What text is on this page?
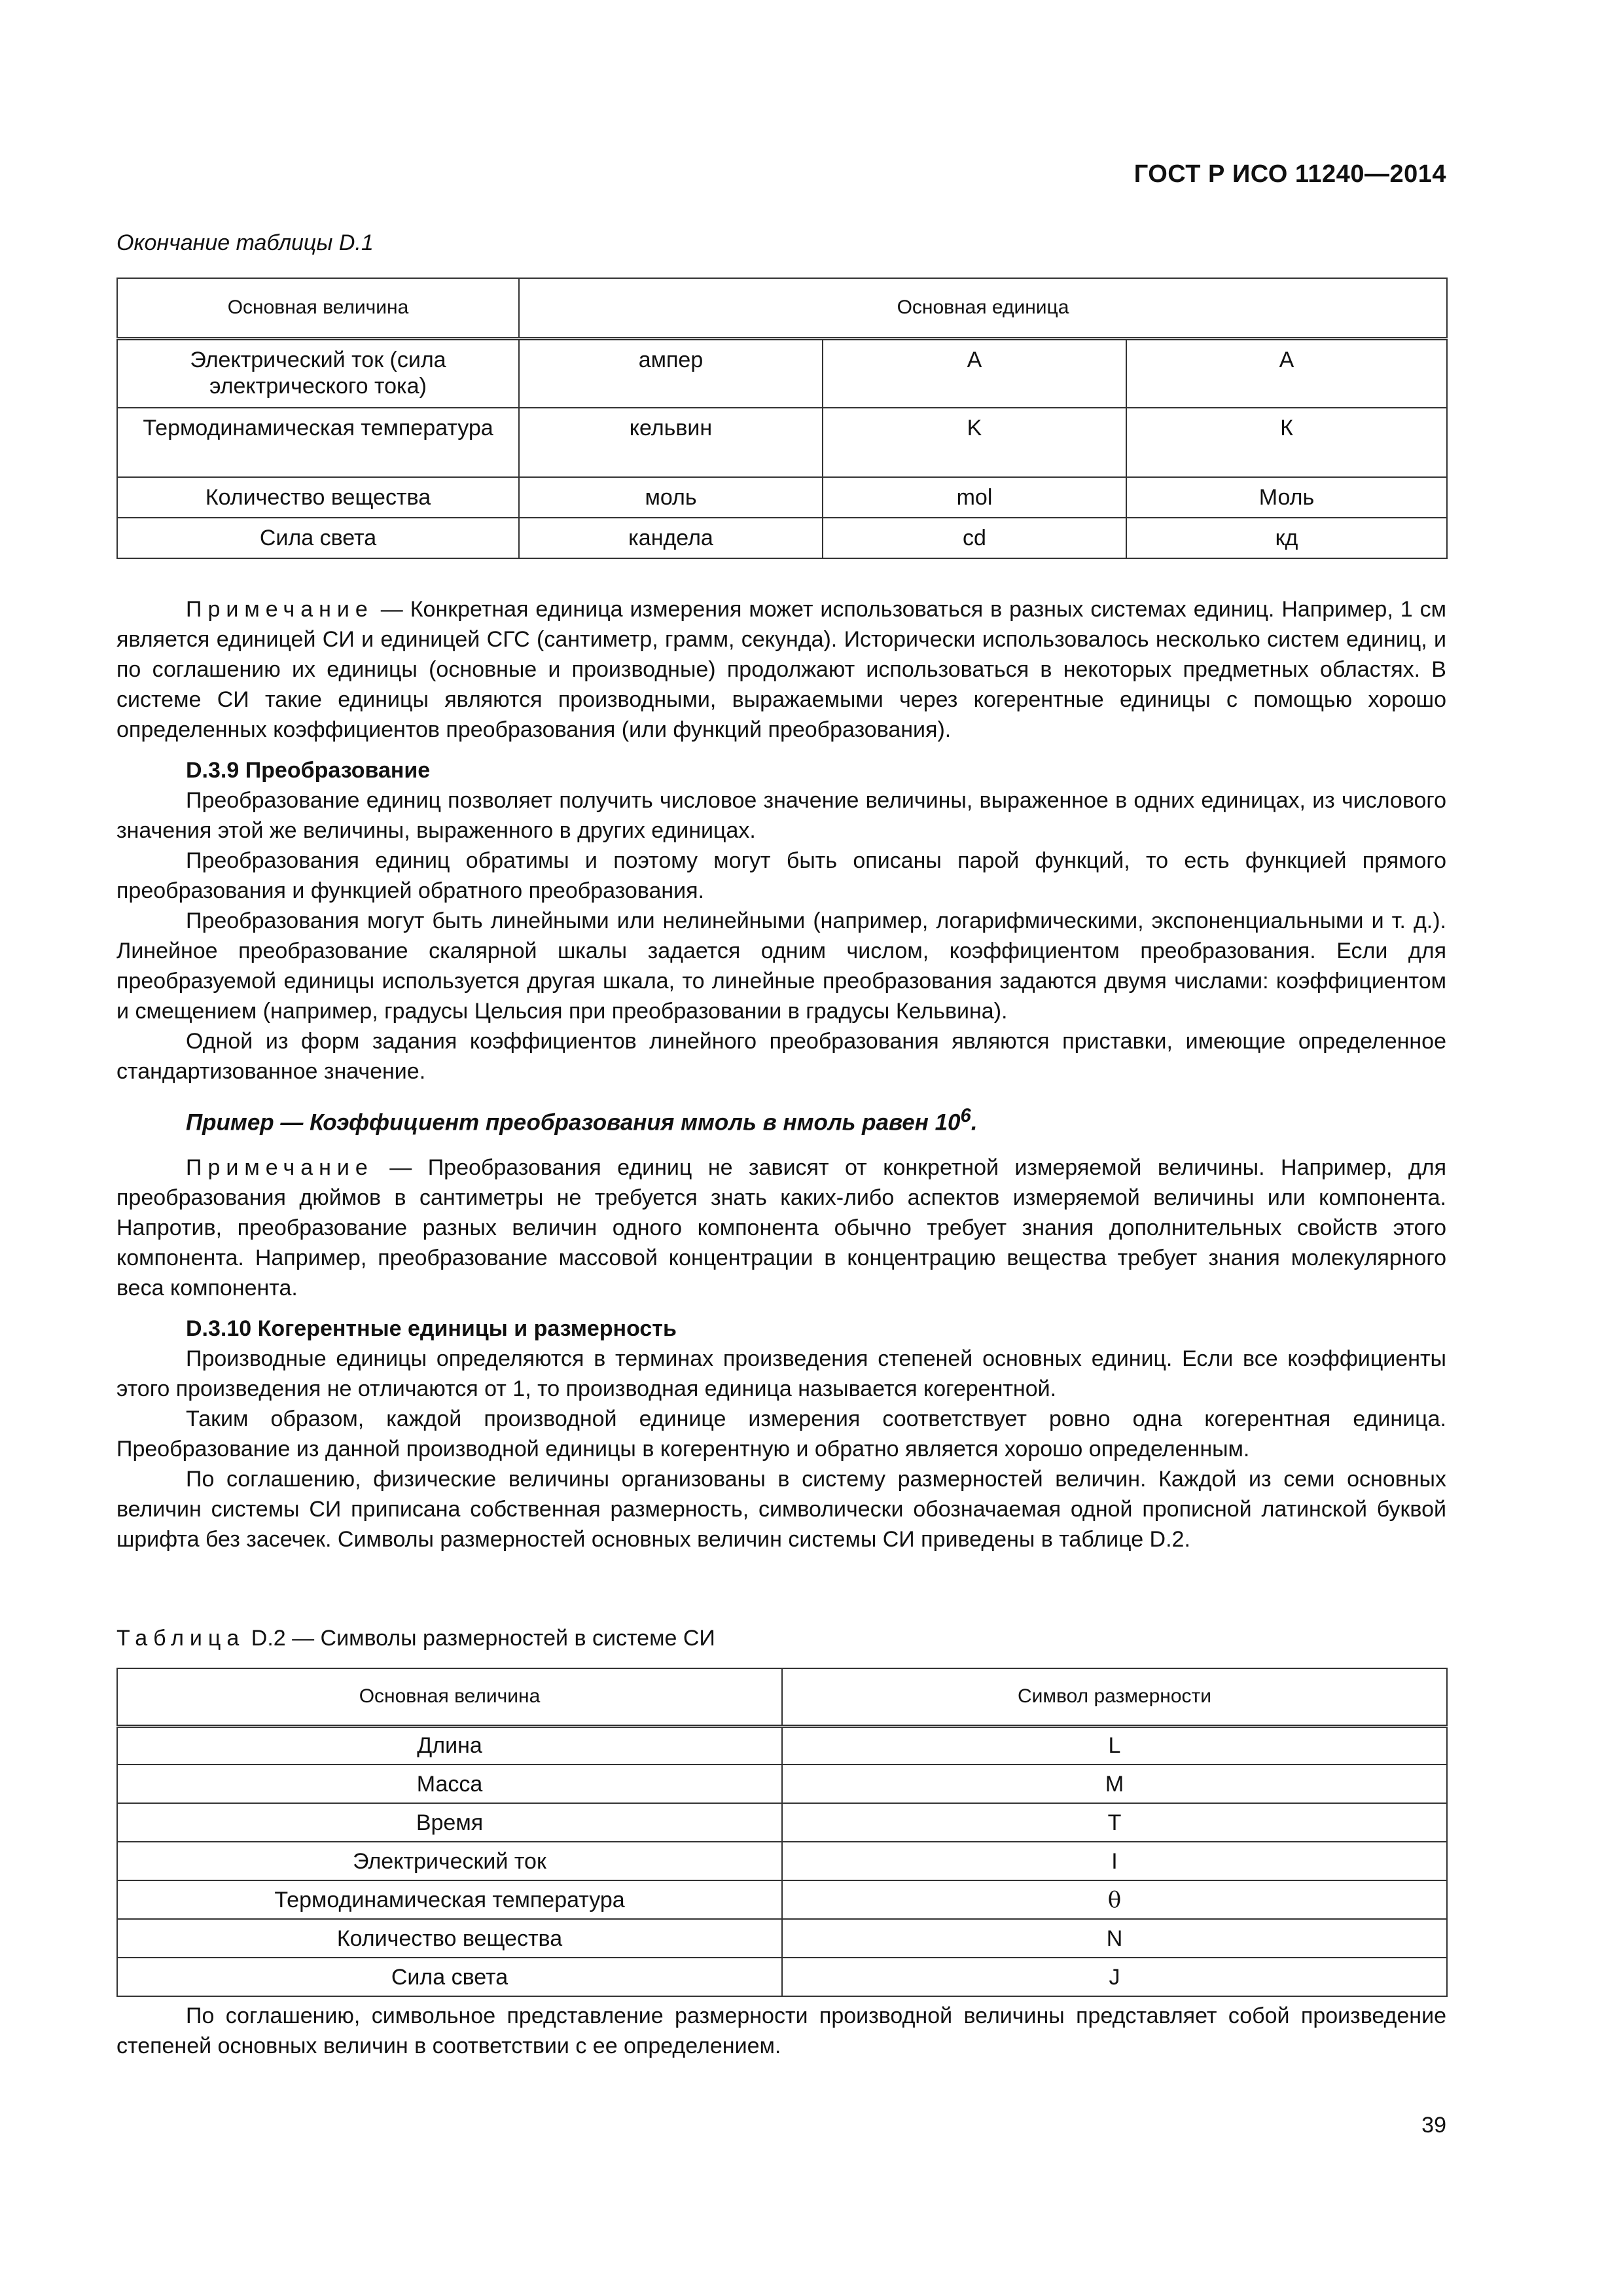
ГОСТ Р ИСО 11240—2014
Окончание таблицы D.1
Основная величина	Основная единица		
Электрический ток (сила электрического тока)	ампер	A	А
Термодинамическая температура	кельвин	K	К
Количество вещества	моль	mol	Моль
Сила света	кандела	cd	кд

Примечание — Конкретная единица измерения может использоваться в разных системах единиц. Например, 1 см является единицей СИ и единицей СГС (сантиметр, грамм, секунда). Исторически использовалось несколько систем единиц, и по соглашению их единицы (основные и производные) продолжают использоваться в некоторых предметных областях. В системе СИ такие единицы являются производными, выражаемыми через когерентные единицы с помощью хорошо определенных коэффициентов преобразования (или функций преобразования).

D.3.9 Преобразование

Преобразование единиц позволяет получить числовое значение величины, выраженное в одних единицах, из числового значения этой же величины, выраженного в других единицах.

Преобразования единиц обратимы и поэтому могут быть описаны парой функций, то есть функцией прямого преобразования и функцией обратного преобразования.

Преобразования могут быть линейными или нелинейными (например, логарифмическими, экспоненциальными и т. д.). Линейное преобразование скалярной шкалы задается одним числом, коэффициентом преобразования. Если для преобразуемой единицы используется другая шкала, то линейные преобразования задаются двумя числами: коэффициентом и смещением (например, градусы Цельсия при преобразовании в градусы Кельвина).

Одной из форм задания коэффициентов линейного преобразования являются приставки, имеющие определенное стандартизованное значение.

Пример — Коэффициент преобразования ммоль в нмоль равен $10^6$.

Примечание — Преобразования единиц не зависят от конкретной измеряемой величины. Например, для преобразования дюймов в сантиметры не требуется знать каких-либо аспектов измеряемой величины или компонента. Напротив, преобразование разных величин одного компонента обычно требует знания дополнительных свойств этого компонента. Например, преобразование массовой концентрации в концентрацию вещества требует знания молекулярного веса компонента.

D.3.10 Когерентные единицы и размерность

Производные единицы определяются в терминах произведения степеней основных единиц. Если все коэффициенты этого произведения не отличаются от 1, то производная единица называется когерентной.

Таким образом, каждой производной единице измерения соответствует ровно одна когерентная единица. Преобразование из данной производной единицы в когерентную и обратно является хорошо определенным.

По соглашению, физические величины организованы в систему размерностей величин. Каждой из семи основных величин системы СИ приписана собственная размерность, символически обозначаемая одной прописной латинской буквой шрифта без засечек. Символы размерностей основных величин системы СИ приведены в таблице D.2.

Таблица D.2 — Символы размерностей в системе СИ
Основная величина	Символ размерности
Длина	L
Масса	M
Время	T
Электрический ток	I
Термодинамическая температура	θ
Количество вещества	N
Сила света	J

По соглашению, символьное представление размерности производной величины представляет собой произведение степеней основных величин в соответствии с ее определением.

39
